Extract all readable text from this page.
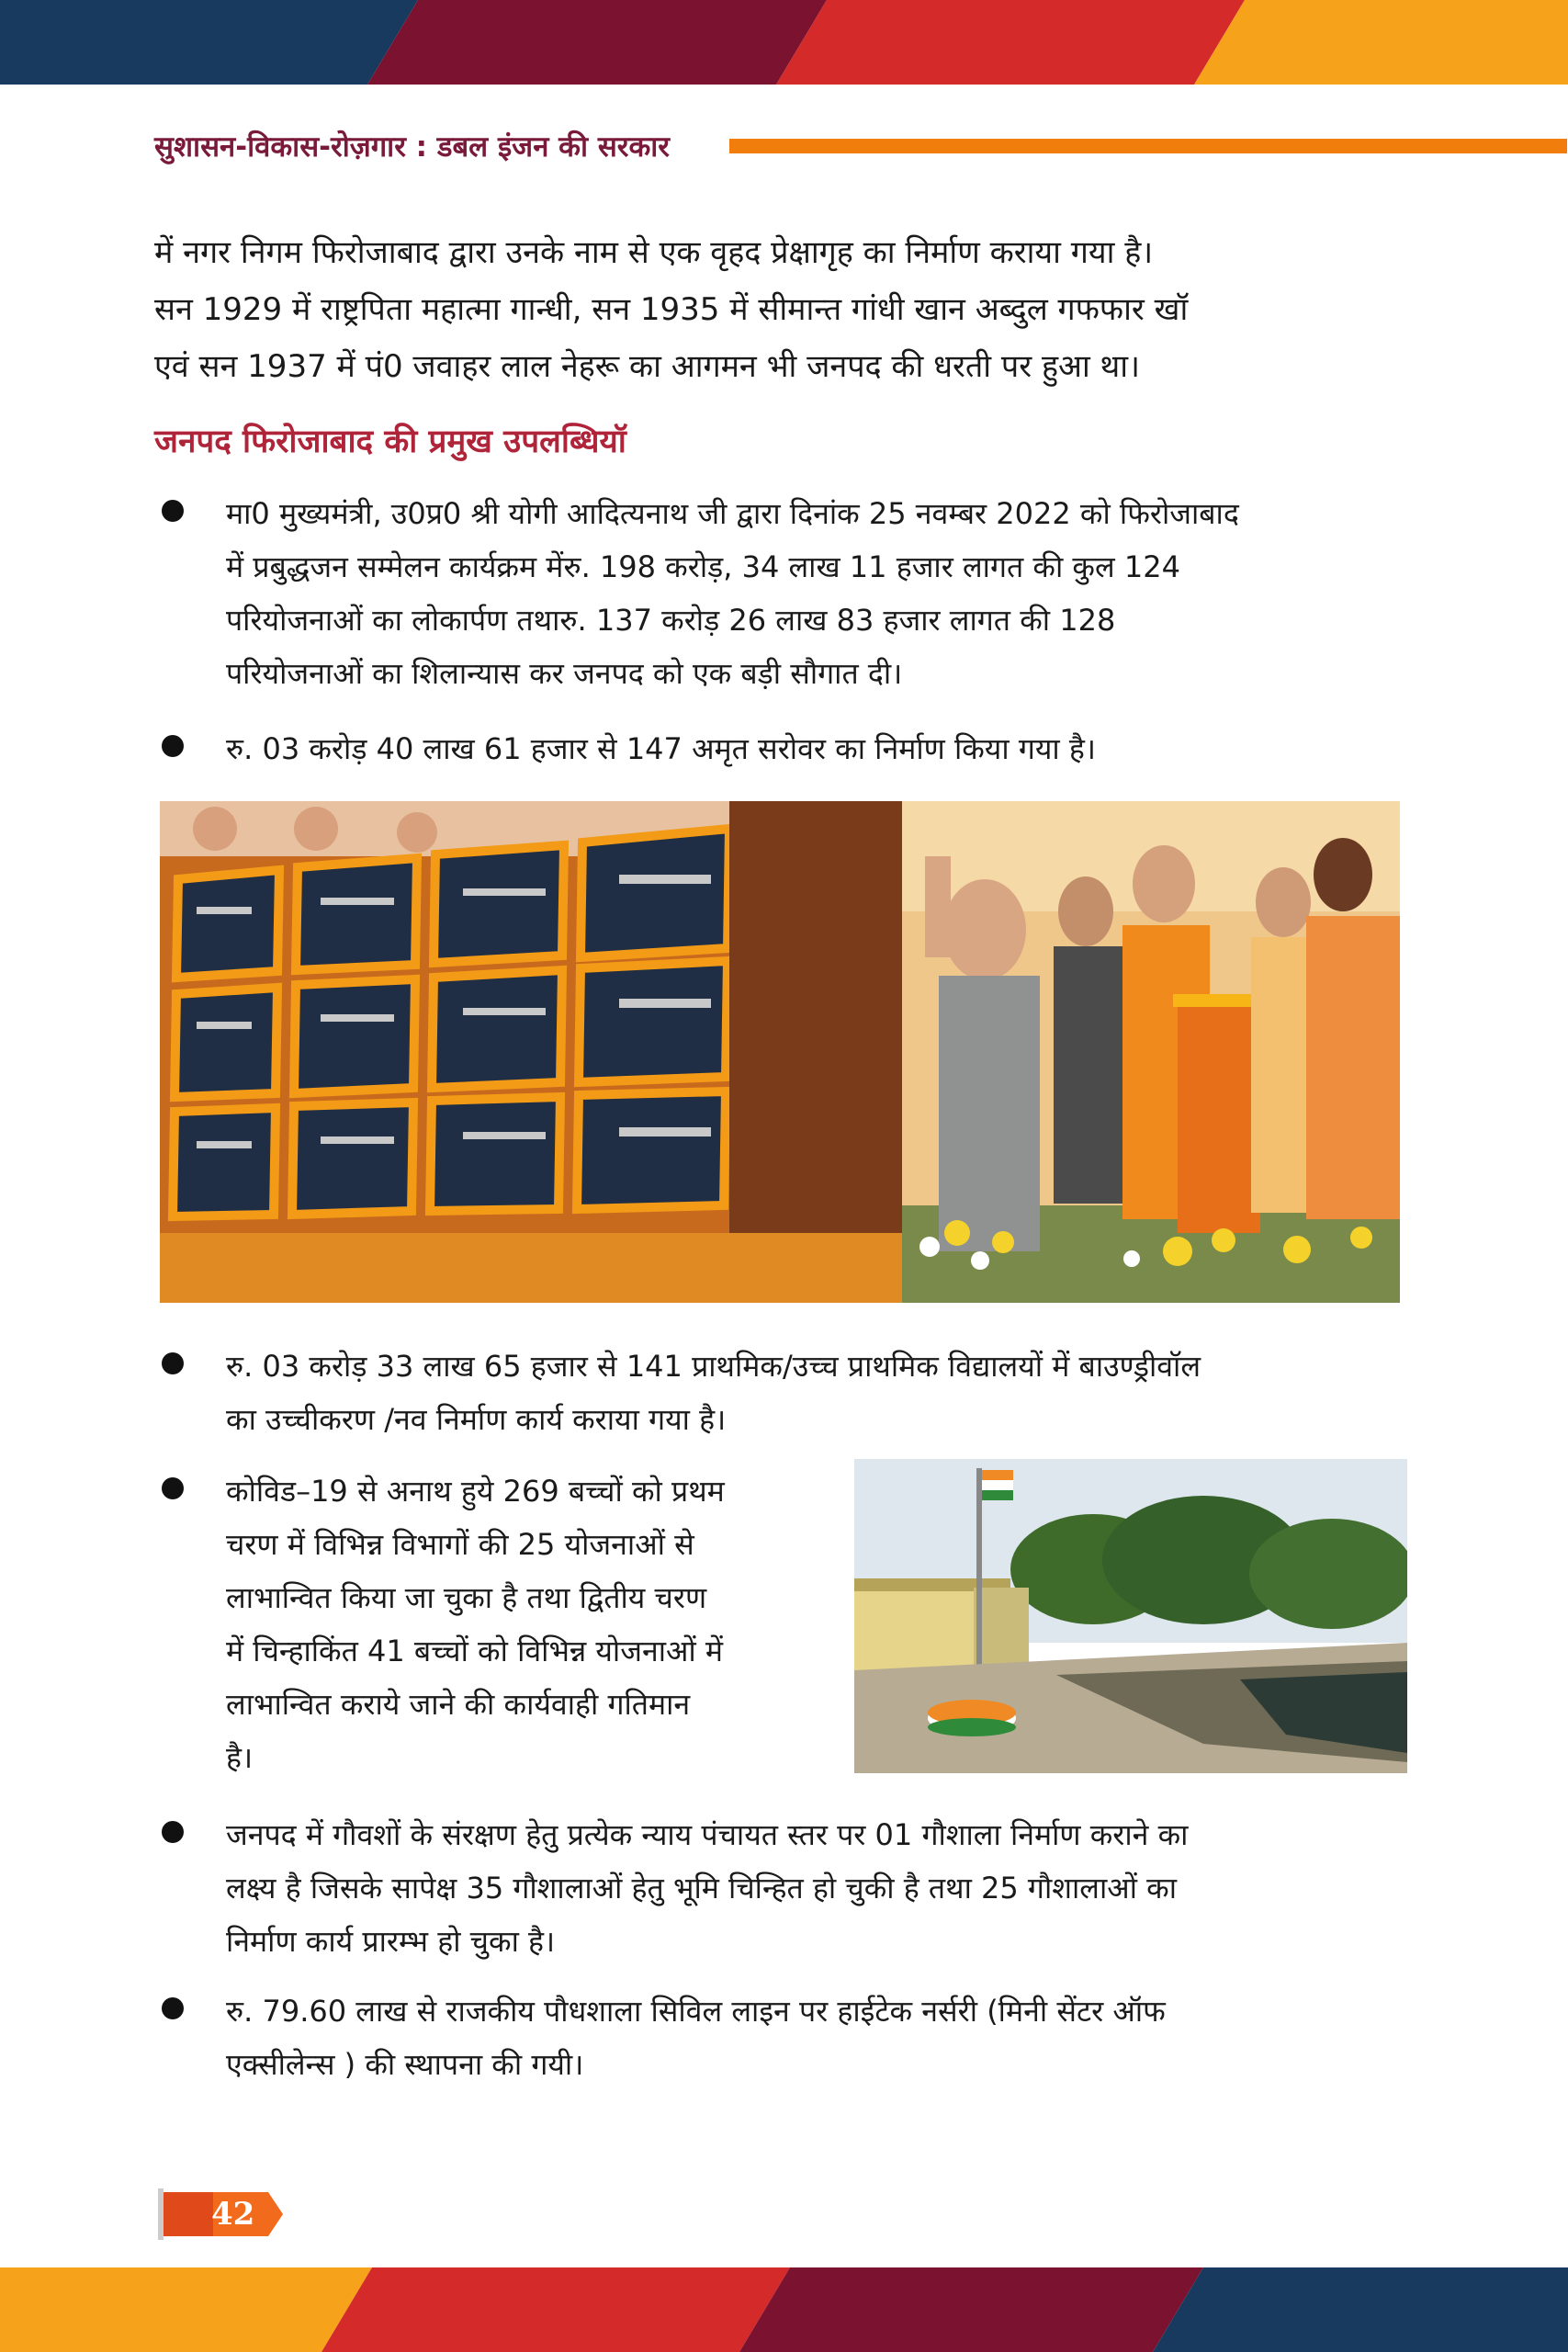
सुशासन-विकास-रोज़गार : डबल इंजन की सरकार
में नगर निगम फिरोजाबाद द्वारा उनके नाम से एक वृहद प्रेक्षागृह का निर्माण कराया गया है।
सन 1929 में राष्ट्रपिता महात्मा गान्धी, सन 1935 में सीमान्त गांधी खान अब्दुल गफफार खॉ
एवं सन 1937 में पं0 जवाहर लाल नेहरू का आगमन भी जनपद की धरती पर हुआ था।
जनपद फिरोजाबाद की प्रमुख उपलब्धियॉ
मा0 मुख्यमंत्री, उ0प्र0 श्री योगी आदित्यनाथ जी द्वारा दिनांक 25 नवम्बर 2022 को फिरोजाबाद
में प्रबुद्धजन सम्मेलन कार्यक्रम मेंरु. 198 करोड़, 34 लाख 11 हजार लागत की कुल 124
परियोजनाओं का लोकार्पण तथारु. 137 करोड़ 26 लाख 83 हजार लागत की 128
परियोजनाओं का शिलान्यास कर जनपद को एक बड़ी सौगात दी।
रु. 03 करोड़ 40 लाख 61 हजार से 147 अमृत सरोवर का निर्माण किया गया है।
रु. 03 करोड़ 33 लाख 65 हजार से 141 प्राथमिक/उच्च प्राथमिक विद्यालयों में बाउण्ड्रीवॉल
का उच्चीकरण /नव निर्माण कार्य कराया गया है।
कोविड–19 से अनाथ हुये 269 बच्चों को प्रथम
चरण में विभिन्न विभागों की 25 योजनाओं से
लाभान्वित किया जा चुका है तथा द्वितीय चरण
में चिन्हाकिंत 41 बच्चों को विभिन्न योजनाओं में
लाभान्वित कराये जाने की कार्यवाही गतिमान
है।
जनपद में गौवशों के संरक्षण हेतु प्रत्येक न्याय पंचायत स्तर पर 01 गौशाला निर्माण कराने का
लक्ष्य है जिसके सापेक्ष 35 गौशालाओं हेतु भूमि चिन्हित हो चुकी है तथा 25 गौशालाओं का
निर्माण कार्य प्रारम्भ हो चुका है।
रु. 79.60 लाख से राजकीय पौधशाला सिविल लाइन पर हाईटेक नर्सरी (मिनी सेंटर ऑफ
एक्सीलेन्स ) की स्थापना की गयी।
42
